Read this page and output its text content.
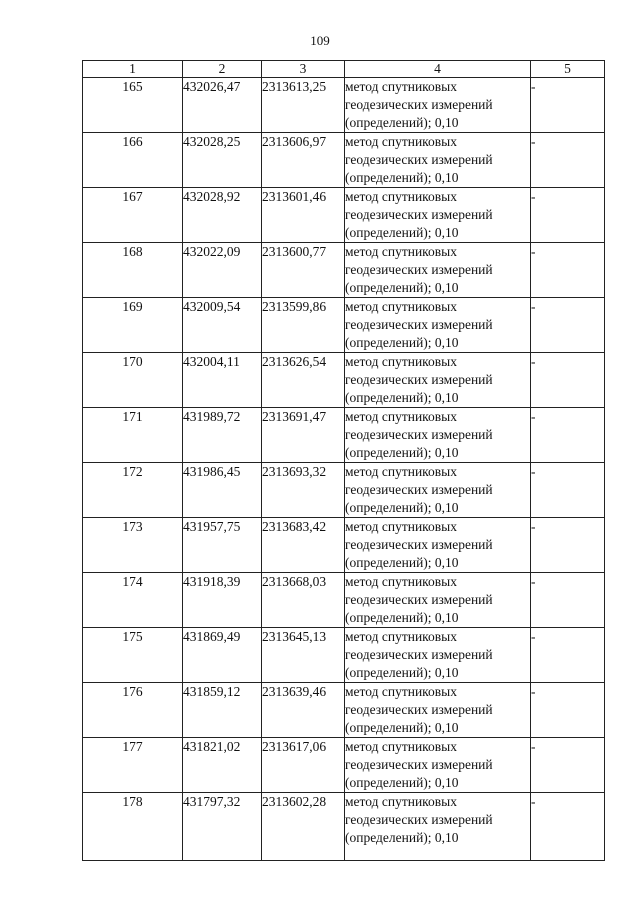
109
1	2	3	4	5
165	432026,47	2313613,25	метод спутниковых
геодезических измерений
(определений); 0,10	-
166	432028,25	2313606,97	метод спутниковых
геодезических измерений
(определений); 0,10	-
167	432028,92	2313601,46	метод спутниковых
геодезических измерений
(определений); 0,10	-
168	432022,09	2313600,77	метод спутниковых
геодезических измерений
(определений); 0,10	-
169	432009,54	2313599,86	метод спутниковых
геодезических измерений
(определений); 0,10	-
170	432004,11	2313626,54	метод спутниковых
геодезических измерений
(определений); 0,10	-
171	431989,72	2313691,47	метод спутниковых
геодезических измерений
(определений); 0,10	-
172	431986,45	2313693,32	метод спутниковых
геодезических измерений
(определений); 0,10	-
173	431957,75	2313683,42	метод спутниковых
геодезических измерений
(определений); 0,10	-
174	431918,39	2313668,03	метод спутниковых
геодезических измерений
(определений); 0,10	-
175	431869,49	2313645,13	метод спутниковых
геодезических измерений
(определений); 0,10	-
176	431859,12	2313639,46	метод спутниковых
геодезических измерений
(определений); 0,10	-
177	431821,02	2313617,06	метод спутниковых
геодезических измерений
(определений); 0,10	-
178	431797,32	2313602,28	метод спутниковых
геодезических измерений
(определений); 0,10	-
